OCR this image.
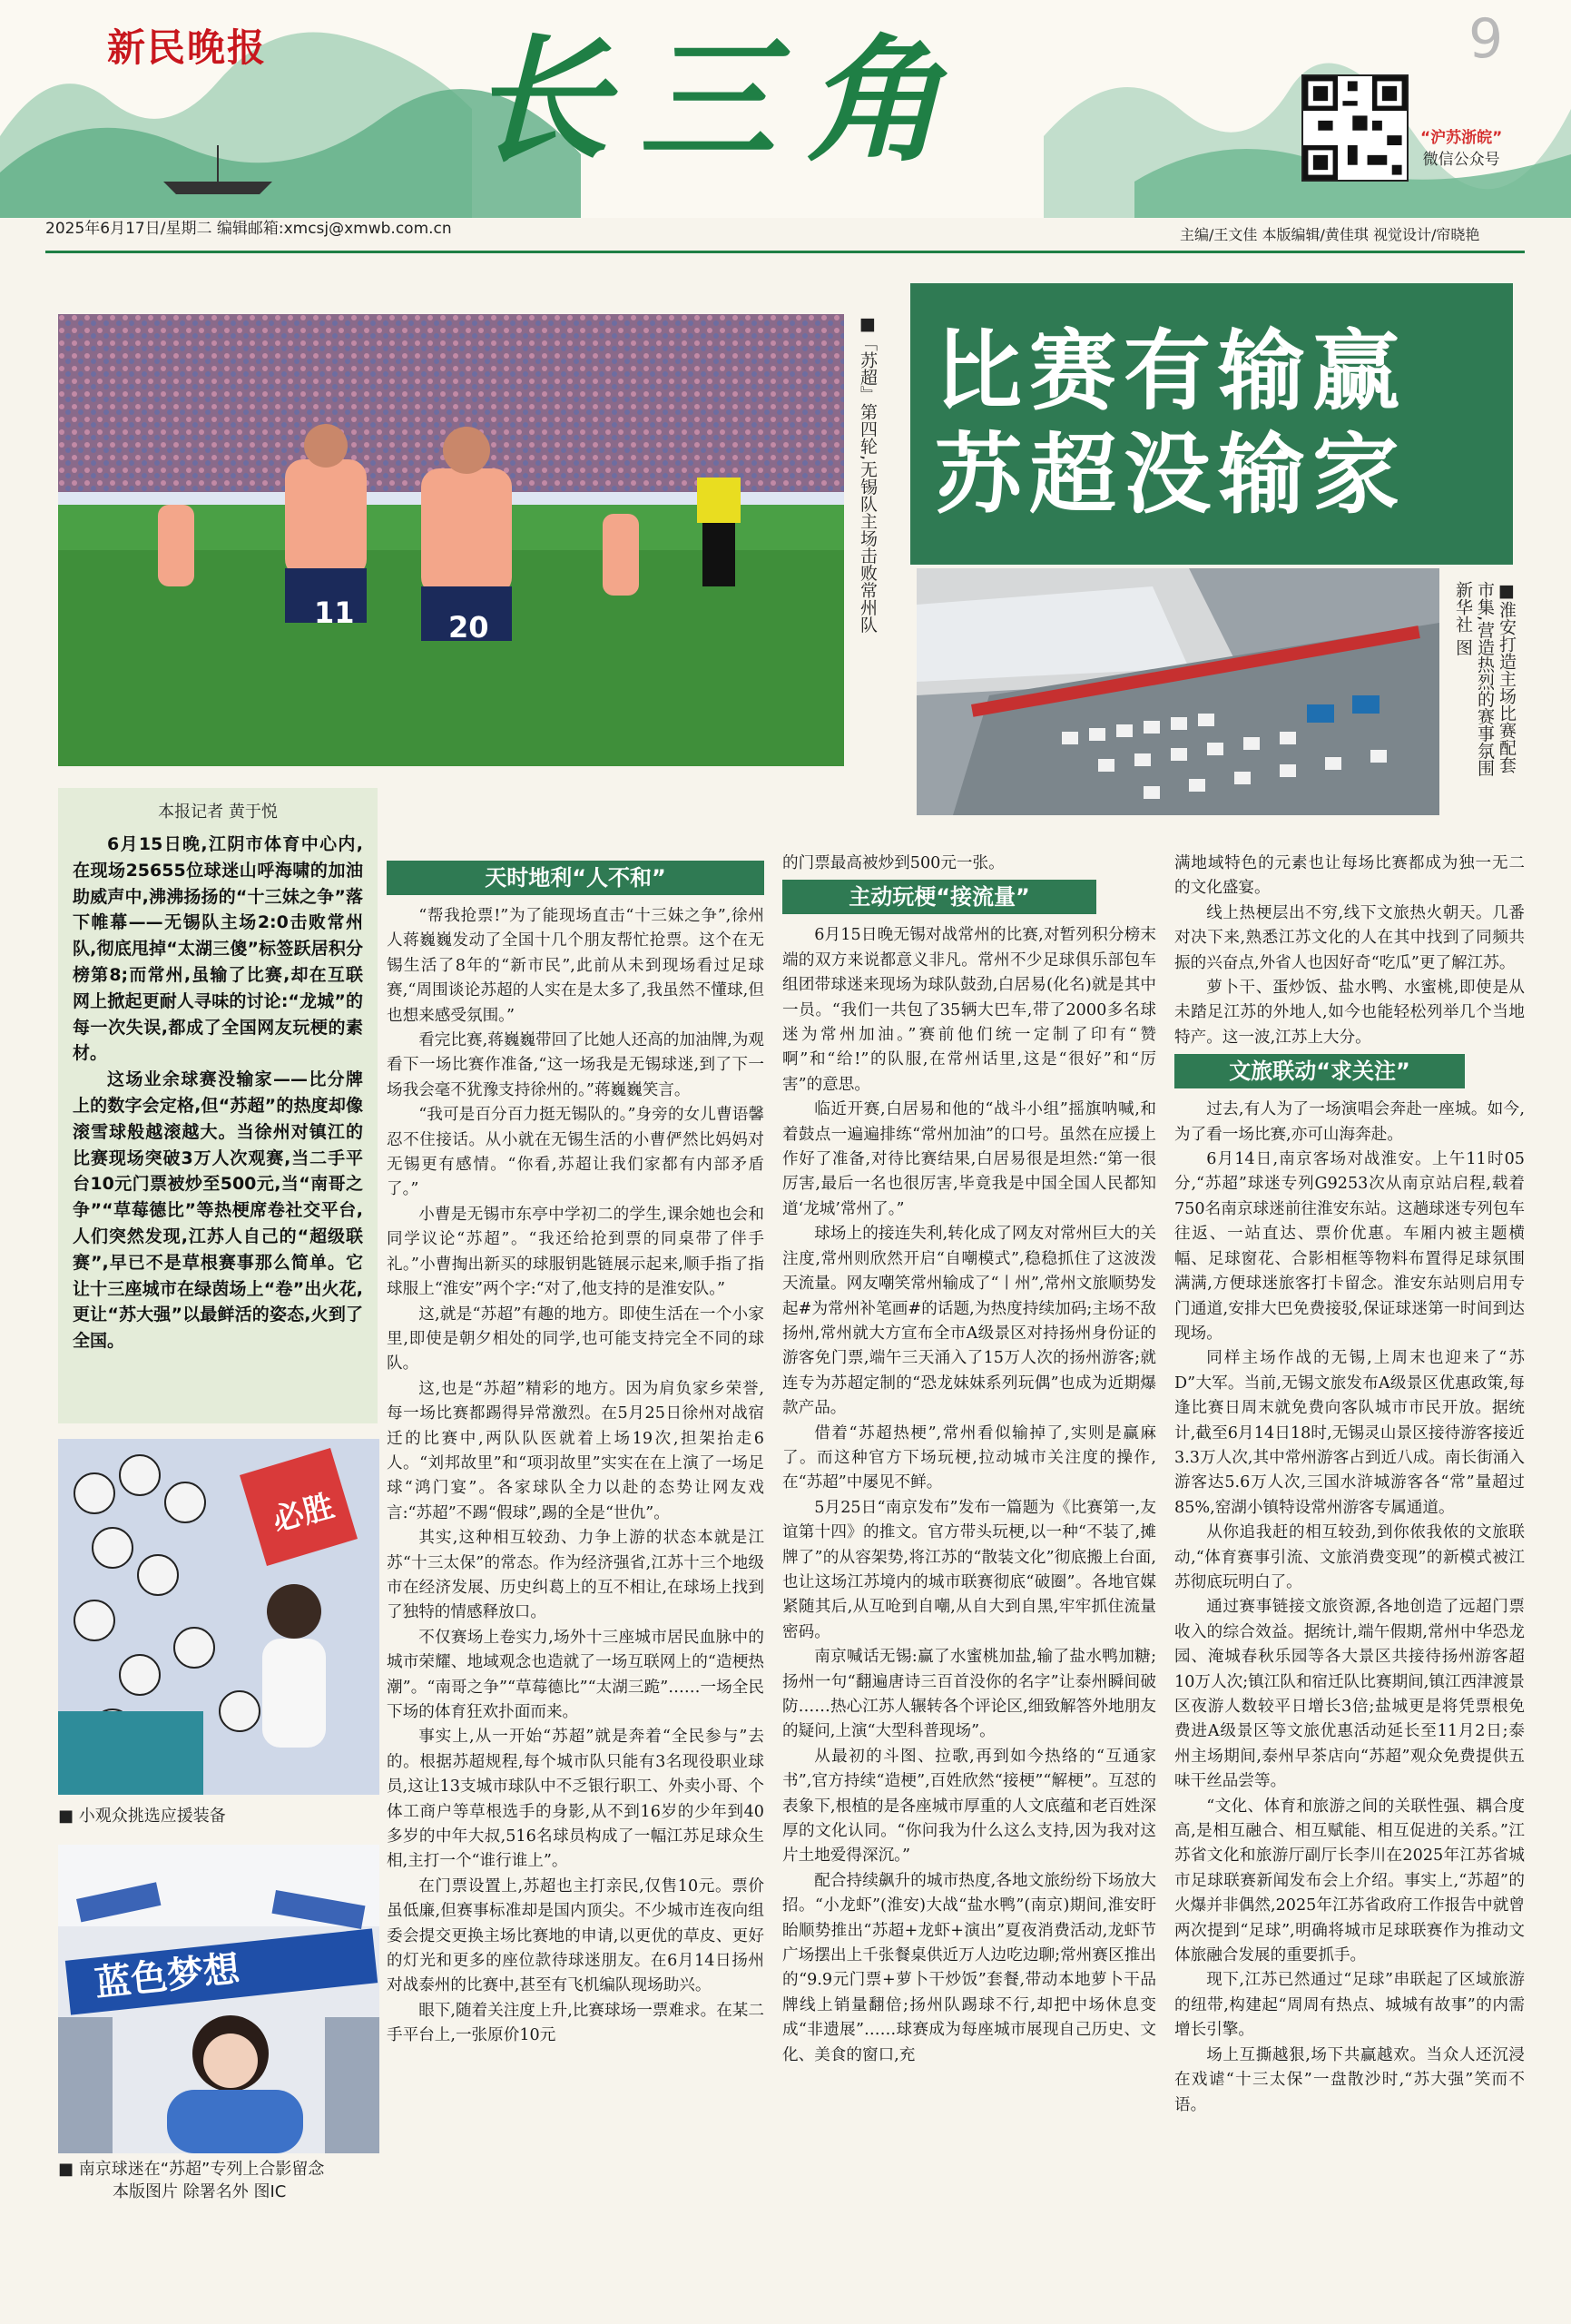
新民晚报 长三角	9
“沪苏浙皖”
微信公众号
2025年6月17日/星期二 编辑邮箱:xmcsj@xmwb.com.cn	主编/王文佳 本版编辑/黄佳琪 视觉设计/帘晓艳
11	20	■「苏超』第四轮,无锡队主场击败常州队 比赛有输赢
苏超没输家
■淮安打造主场比赛配套市集,营造热烈的赛事氛围 新华社 图
本报记者 黄于悦

6月15日晚,江阴市体育中心内,在现场25655位球迷山呼海啸的加油助威声中,沸沸扬扬的“十三妹之争”落下帷幕——无锡队主场2:0击败常州队,彻底甩掉“太湖三傻”标签跃居积分榜第8;而常州,虽输了比赛,却在互联网上掀起更耐人寻味的讨论:“龙城”的每一次失误,都成了全国网友玩梗的素材。

这场业余球赛没输家——比分牌上的数字会定格,但“苏超”的热度却像滚雪球般越滚越大。当徐州对镇江的比赛现场突破3万人次观赛,当二手平台10元门票被炒至500元,当“南哥之争”“草莓德比”等热梗席卷社交平台,人们突然发现,江苏人自己的“超级联赛”,早已不是草根赛事那么简单。它让十三座城市在绿茵场上“卷”出火花,更让“苏大强”以最鲜活的姿态,火到了全国。

必胜
■ 小观众挑选应援装备
蓝色梦想
■ 南京球迷在“苏超”专列上合影留念
本版图片 除署名外 图IC
天时地利“人不和”

“帮我抢票!”为了能现场直击“十三妹之争”,徐州人蒋巍巍发动了全国十几个朋友帮忙抢票。这个在无锡生活了8年的“新市民”,此前从未到现场看过足球赛,“周围谈论苏超的人实在是太多了,我虽然不懂球,但也想来感受氛围。”

看完比赛,蒋巍巍带回了比她人还高的加油牌,为观看下一场比赛作准备,“这一场我是无锡球迷,到了下一场我会毫不犹豫支持徐州的。”蒋巍巍笑言。

“我可是百分百力挺无锡队的。”身旁的女儿曹语馨忍不住接话。从小就在无锡生活的小曹俨然比妈妈对无锡更有感情。“你看,苏超让我们家都有内部矛盾了。”

小曹是无锡市东亭中学初二的学生,课余她也会和同学议论“苏超”。“我还给抢到票的同桌带了伴手礼。”小曹掏出新买的球服钥匙链展示起来,顺手指了指球服上“淮安”两个字:“对了,他支持的是淮安队。”

这,就是“苏超”有趣的地方。即使生活在一个小家里,即使是朝夕相处的同学,也可能支持完全不同的球队。

这,也是“苏超”精彩的地方。因为肩负家乡荣誉,每一场比赛都踢得异常激烈。在5月25日徐州对战宿迁的比赛中,两队队医就着上场19次,担架抬走6人。“刘邦故里”和“项羽故里”实实在在上演了一场足球“鸿门宴”。各家球队全力以赴的态势让网友戏言:“苏超”不踢“假球”,踢的全是“世仇”。

其实,这种相互较劲、力争上游的状态本就是江苏“十三太保”的常态。作为经济强省,江苏十三个地级市在经济发展、历史纠葛上的互不相让,在球场上找到了独特的情感释放口。

不仅赛场上卷实力,场外十三座城市居民血脉中的城市荣耀、地域观念也造就了一场互联网上的“造梗热潮”。“南哥之争”“草莓德比”“太湖三跪”……一场全民下场的体育狂欢扑面而来。

事实上,从一开始“苏超”就是奔着“全民参与”去的。根据苏超规程,每个城市队只能有3名现役职业球员,这让13支城市球队中不乏银行职工、外卖小哥、个体工商户等草根选手的身影,从不到16岁的少年到40多岁的中年大叔,516名球员构成了一幅江苏足球众生相,主打一个“谁行谁上”。

在门票设置上,苏超也主打亲民,仅售10元。票价虽低廉,但赛事标准却是国内顶尖。不少城市连夜向组委会提交更换主场比赛地的申请,以更优的草皮、更好的灯光和更多的座位款待球迷朋友。在6月14日扬州对战泰州的比赛中,甚至有飞机编队现场助兴。

眼下,随着关注度上升,比赛球场一票难求。在某二手平台上,一张原价10元

的门票最高被炒到500元一张。

主动玩梗“接流量”

6月15日晚无锡对战常州的比赛,对暂列积分榜末端的双方来说都意义非凡。常州不少足球俱乐部包车组团带球迷来现场为球队鼓劲,白居易(化名)就是其中一员。“我们一共包了35辆大巴车,带了2000多名球迷为常州加油。”赛前他们统一定制了印有“赞啊”和“给!”的队服,在常州话里,这是“很好”和“厉害”的意思。

临近开赛,白居易和他的“战斗小组”摇旗呐喊,和着鼓点一遍遍排练“常州加油”的口号。虽然在应援上作好了准备,对待比赛结果,白居易很是坦然:“第一很厉害,最后一名也很厉害,毕竟我是中国全国人民都知道‘龙城’常州了。”

球场上的接连失利,转化成了网友对常州巨大的关注度,常州则欣然开启“自嘲模式”,稳稳抓住了这波泼天流量。网友嘲笑常州输成了“丨州”,常州文旅顺势发起#为常州补笔画#的话题,为热度持续加码;主场不敌扬州,常州就大方宣布全市A级景区对持扬州身份证的游客免门票,端午三天涌入了15万人次的扬州游客;就连专为苏超定制的“恐龙妹妹系列玩偶”也成为近期爆款产品。

借着“苏超热梗”,常州看似输掉了,实则是赢麻了。而这种官方下场玩梗,拉动城市关注度的操作,在“苏超”中屡见不鲜。

5月25日“南京发布”发布一篇题为《比赛第一,友谊第十四》的推文。官方带头玩梗,以一种“不装了,摊牌了”的从容架势,将江苏的“散装文化”彻底搬上台面,也让这场江苏境内的城市联赛彻底“破圈”。各地官媒紧随其后,从互呛到自嘲,从自大到自黑,牢牢抓住流量密码。

南京喊话无锡:赢了水蜜桃加盐,输了盐水鸭加糖;扬州一句“翻遍唐诗三百首没你的名字”让泰州瞬间破防……热心江苏人辗转各个评论区,细致解答外地朋友的疑问,上演“大型科普现场”。

从最初的斗图、拉歌,再到如今热络的“互通家书”,官方持续“造梗”,百姓欣然“接梗”“解梗”。互怼的表象下,根植的是各座城市厚重的人文底蕴和老百姓深厚的文化认同。“你问我为什么这么支持,因为我对这片土地爱得深沉。”

配合持续飙升的城市热度,各地文旅纷纷下场放大招。“小龙虾”(淮安)大战“盐水鸭”(南京)期间,淮安盱眙顺势推出“苏超+龙虾+演出”夏夜消费活动,龙虾节广场摆出上千张餐桌供近万人边吃边聊;常州赛区推出的“9.9元门票+萝卜干炒饭”套餐,带动本地萝卜干品牌线上销量翻倍;扬州队踢球不行,却把中场休息变成“非遗展”……球赛成为每座城市展现自己历史、文化、美食的窗口,充

满地域特色的元素也让每场比赛都成为独一无二的文化盛宴。

线上热梗层出不穷,线下文旅热火朝天。几番对决下来,熟悉江苏文化的人在其中找到了同频共振的兴奋点,外省人也因好奇“吃瓜”更了解江苏。

萝卜干、蛋炒饭、盐水鸭、水蜜桃,即使是从未踏足江苏的外地人,如今也能轻松列举几个当地特产。这一波,江苏上大分。

文旅联动“求关注”

过去,有人为了一场演唱会奔赴一座城。如今,为了看一场比赛,亦可山海奔赴。

6月14日,南京客场对战淮安。上午11时05分,“苏超”球迷专列G9253次从南京站启程,载着750名南京球迷前往淮安东站。这趟球迷专列包车往返、一站直达、票价优惠。车厢内被主题横幅、足球窗花、合影相框等物料布置得足球氛围满满,方便球迷旅客打卡留念。淮安东站则启用专门通道,安排大巴免费接驳,保证球迷第一时间到达现场。

同样主场作战的无锡,上周末也迎来了“苏D”大军。当前,无锡文旅发布A级景区优惠政策,每逢比赛日周末就免费向客队城市市民开放。据统计,截至6月14日18时,无锡灵山景区接待游客接近3.3万人次,其中常州游客占到近八成。南长街涌入游客达5.6万人次,三国水浒城游客各“常”量超过85%,窑湖小镇特设常州游客专属通道。

从你追我赶的相互较劲,到你侬我侬的文旅联动,“体育赛事引流、文旅消费变现”的新模式被江苏彻底玩明白了。

通过赛事链接文旅资源,各地创造了远超门票收入的综合效益。据统计,端午假期,常州中华恐龙园、淹城春秋乐园等各大景区共接待扬州游客超10万人次;镇江队和宿迁队比赛期间,镇江西津渡景区夜游人数较平日增长3倍;盐城更是将凭票根免费进A级景区等文旅优惠活动延长至11月2日;泰州主场期间,泰州早茶店向“苏超”观众免费提供五味干丝品尝等。

“文化、体育和旅游之间的关联性强、耦合度高,是相互融合、相互赋能、相互促进的关系。”江苏省文化和旅游厅副厅长李川在2025年江苏省城市足球联赛新闻发布会上介绍。事实上,“苏超”的火爆并非偶然,2025年江苏省政府工作报告中就曾两次提到“足球”,明确将城市足球联赛作为推动文体旅融合发展的重要抓手。

现下,江苏已然通过“足球”串联起了区域旅游的纽带,构建起“周周有热点、城城有故事”的内需增长引擎。

场上互撕越狠,场下共赢越欢。当众人还沉浸在戏谑“十三太保”一盘散沙时,“苏大强”笑而不语。
